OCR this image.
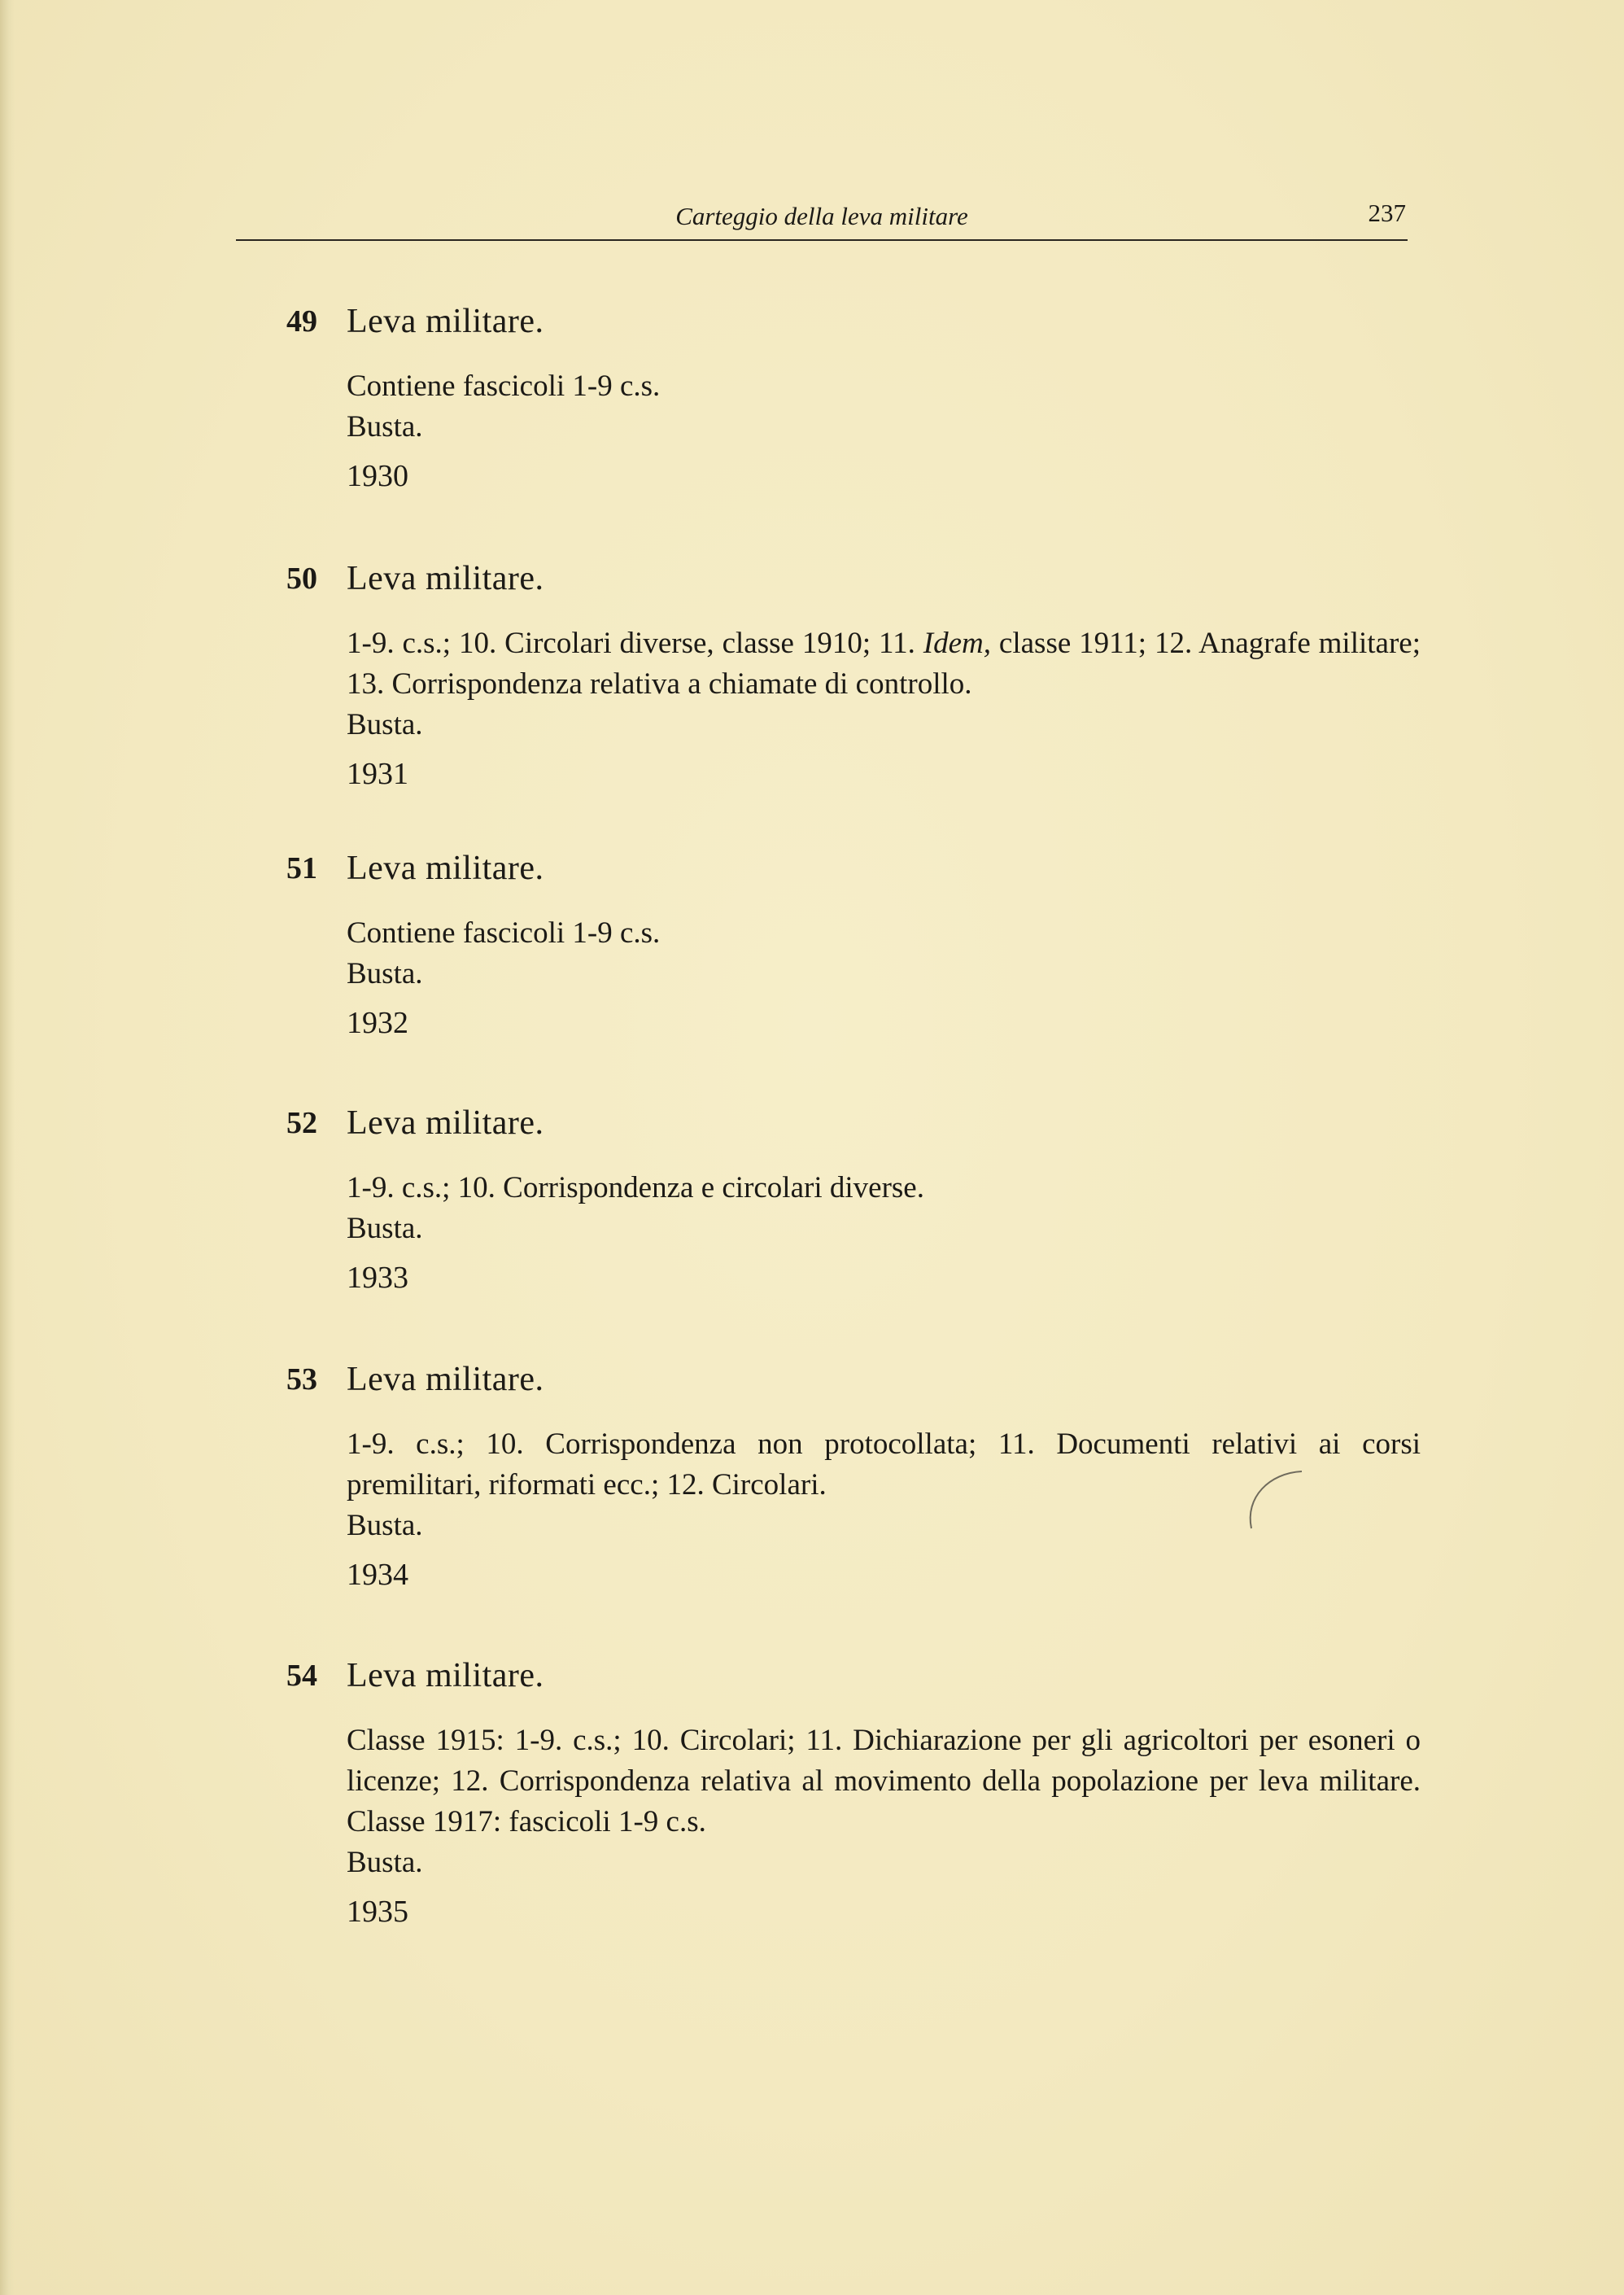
Carteggio della leva militare	237
49 Leva militare.

Contiene fascicoli 1-9 c.s.

Busta.

1930

50 Leva militare.

1-9. c.s.; 10. Circolari diverse, classe 1910; 11. Idem, classe 1911; 12. Anagrafe militare; 13. Corrispondenza relativa a chiamate di controllo.

Busta.

1931

51 Leva militare.

Contiene fascicoli 1-9 c.s.

Busta.

1932

52 Leva militare.

1-9. c.s.; 10. Corrispondenza e circolari diverse.

Busta.

1933

53 Leva militare.

1-9. c.s.; 10. Corrispondenza non protocollata; 11. Documenti relativi ai corsi premilitari, riformati ecc.; 12. Circolari.

Busta.

1934

54 Leva militare.

Classe 1915: 1-9. c.s.; 10. Circolari; 11. Dichiarazione per gli agricoltori per esoneri o licenze; 12. Corrispondenza relativa al movimento della popolazione per leva militare. Classe 1917: fascicoli 1-9 c.s.

Busta.

1935
